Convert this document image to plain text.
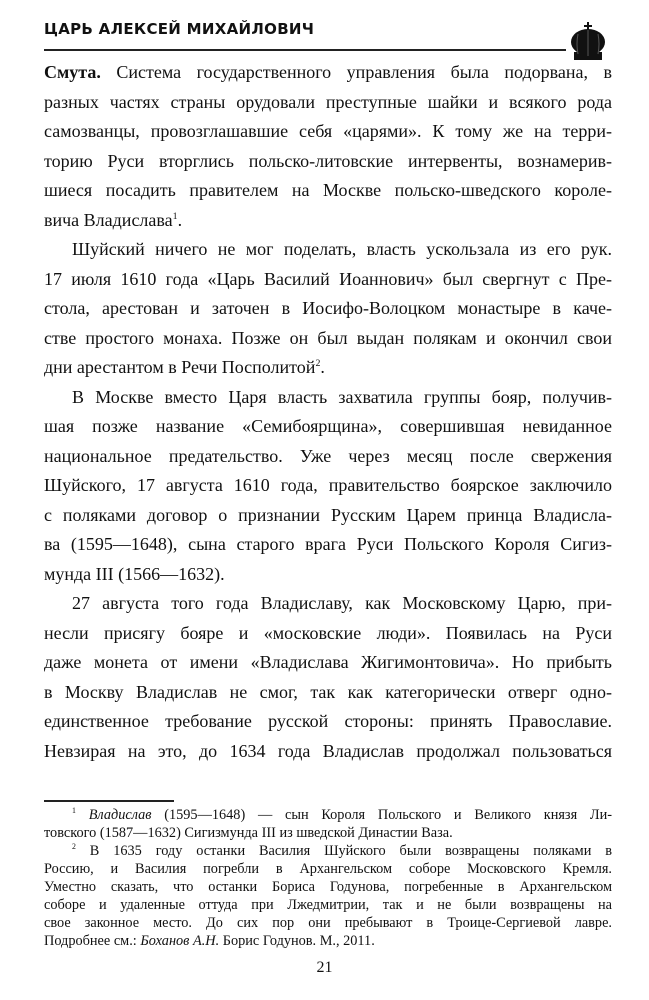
ЦАРЬ АЛЕКСЕЙ МИХАЙЛОВИЧ
Смута. Система государственного управления была подорвана, в
разных частях страны орудовали преступные шайки и всякого рода
самозванцы, провозглашавшие себя «царями». К тому же на терри-
торию Руси вторглись польско-литовские интервенты, вознамерив-
шиеся посадить правителем на Москве польско-шведского короле-
вича Владислава$^1$.
Шуйский ничего не мог поделать, власть ускользала из его рук.
17 июля 1610 года «Царь Василий Иоаннович» был свергнут с Пре-
стола, арестован и заточен в Иосифо-Волоцком монастыре в каче-
стве простого монаха. Позже он был выдан полякам и окончил свои
дни арестантом в Речи Посполитой$^2$.
В Москве вместо Царя власть захватила группы бояр, получив-
шая позже название «Семибоярщина», совершившая невиданное
национальное предательство. Уже через месяц после свержения
Шуйского, 17 августа 1610 года, правительство боярское заключило
с поляками договор о признании Русским Царем принца Владисла-
ва (1595—1648), сына старого врага Руси Польского Короля Сигиз-
мунда III (1566—1632).
27 августа того года Владиславу, как Московскому Царю, при-
несли присягу бояре и «московские люди». Появилась на Руси
даже монета от имени «Владислава Жигимонтовича». Но прибыть
в Москву Владислав не смог, так как категорически отверг одно-
единственное требование русской стороны: принять Православие.
Невзирая на это, до 1634 года Владислав продолжал пользоваться
$^1$ Владислав (1595—1648) — сын Короля Польского и Великого князя Ли-
товского (1587—1632) Сигизмунда III из шведской Династии Ваза.
$^2$ В 1635 году останки Василия Шуйского были возвращены поляками в
Россию, и Василия погребли в Архангельском соборе Московского Кремля.
Уместно сказать, что останки Бориса Годунова, погребенные в Архангельском
соборе и удаленные оттуда при Лжедмитрии, так и не были возвращены на
свое законное место. До сих пор они пребывают в Троице-Сергиевой лавре.
Подробнее см.: Боханов А.Н. Борис Годунов. М., 2011.
21
